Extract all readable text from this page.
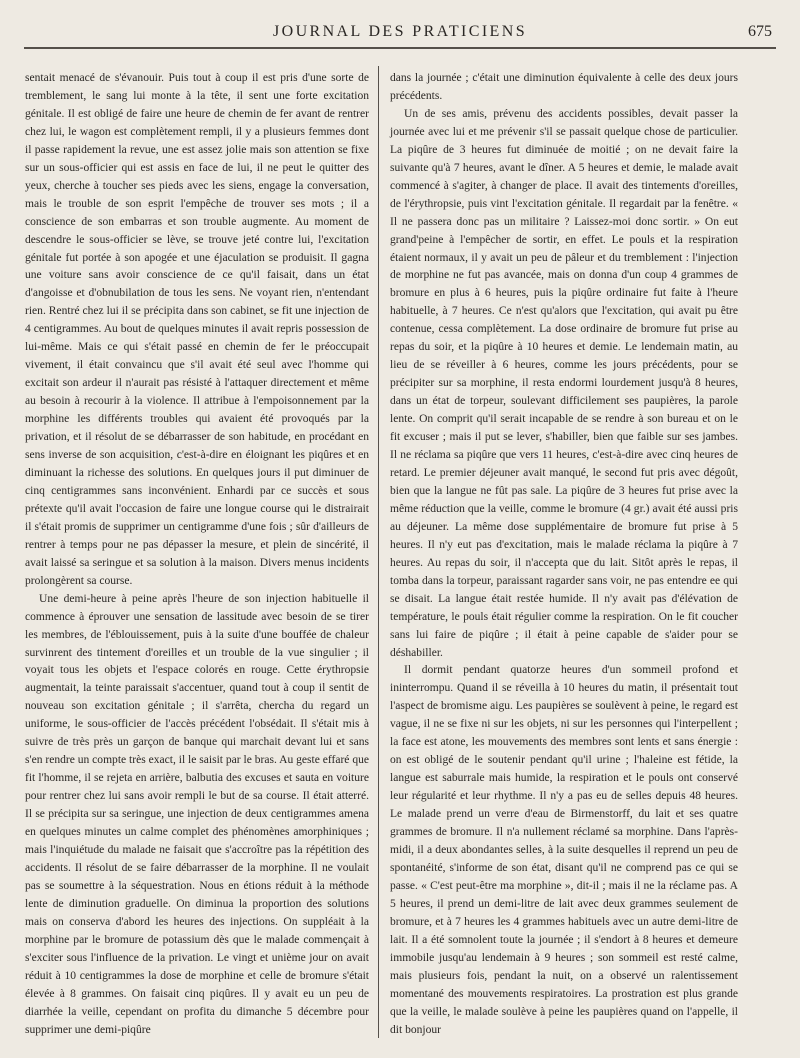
JOURNAL DES PRATICIENS	675

sentait menacé de s'évanouir. Puis tout à coup il est pris d'une sorte de tremblement, le sang lui monte à la tête, il sent une forte excitation génitale. Il est obligé de faire une heure de chemin de fer avant de rentrer chez lui, le wagon est complètement rempli, il y a plusieurs femmes dont il passe rapidement la revue, une est assez jolie mais son attention se fixe sur un sous-officier qui est assis en face de lui, il ne peut le quitter des yeux, cherche à toucher ses pieds avec les siens, engage la conversation, mais le trouble de son esprit l'empêche de trouver ses mots ; il a conscience de son embarras et son trouble augmente. Au moment de descendre le sous-officier se lève, se trouve jeté contre lui, l'excitation génitale fut portée à son apogée et une éjaculation se produisit. Il gagna une voiture sans avoir conscience de ce qu'il faisait, dans un état d'angoisse et d'obnubilation de tous les sens. Ne voyant rien, n'entendant rien. Rentré chez lui il se précipita dans son cabinet, se fit une injection de 4 centigrammes. Au bout de quelques minutes il avait repris possession de lui-même. Mais ce qui s'était passé en chemin de fer le préoccupait vivement, il était convaincu que s'il avait été seul avec l'homme qui excitait son ardeur il n'aurait pas résisté à l'attaquer directement et même au besoin à recourir à la violence. Il attribue à l'empoisonnement par la morphine les différents troubles qui avaient été provoqués par la privation, et il résolut de se débarrasser de son habitude, en procédant en sens inverse de son acquisition, c'est-à-dire en éloignant les piqûres et en diminuant la richesse des solutions. En quelques jours il put diminuer de cinq centigrammes sans inconvénient. Enhardi par ce succès et sous prétexte qu'il avait l'occasion de faire une longue course qui le distrairait il s'était promis de supprimer un centigramme d'une fois ; sûr d'ailleurs de rentrer à temps pour ne pas dépasser la mesure, et plein de sincérité, il avait laissé sa seringue et sa solution à la maison. Divers menus incidents prolongèrent sa course.

Une demi-heure à peine après l'heure de son injection habituelle il commence à éprouver une sensation de lassitude avec besoin de se tirer les membres, de l'éblouissement, puis à la suite d'une bouffée de chaleur survinrent des tintement d'oreilles et un trouble de la vue singulier ; il voyait tous les objets et l'espace colorés en rouge. Cette érythropsie augmentait, la teinte paraissait s'accentuer, quand tout à coup il sentit de nouveau son excitation génitale ; il s'arrêta, chercha du regard un uniforme, le sous-officier de l'accès précédent l'obsédait. Il s'était mis à suivre de très près un garçon de banque qui marchait devant lui et sans s'en rendre un compte très exact, il le saisit par le bras. Au geste effaré que fit l'homme, il se rejeta en arrière, balbutia des excuses et sauta en voiture pour rentrer chez lui sans avoir rempli le but de sa course. Il était atterré. Il se précipita sur sa seringue, une injection de deux centigrammes amena en quelques minutes un calme complet des phénomènes amorphiniques ; mais l'inquiétude du malade ne faisait que s'accroître pas la répétition des accidents. Il résolut de se faire débarrasser de la morphine. Il ne voulait pas se soumettre à la séquestration. Nous en étions réduit à la méthode lente de diminution graduelle. On diminua la proportion des solutions mais on conserva d'abord les heures des injections. On suppléait à la morphine par le bromure de potassium dès que le malade commençait à s'exciter sous l'influence de la privation. Le vingt et unième jour on avait réduit à 10 centigrammes la dose de morphine et celle de bromure s'était élevée à 8 grammes. On faisait cinq piqûres. Il y avait eu un peu de diarrhée la veille, cependant on profita du dimanche 5 décembre pour supprimer une demi-piqûre

dans la journée ; c'était une diminution équivalente à celle des deux jours précédents.

Un de ses amis, prévenu des accidents possibles, devait passer la journée avec lui et me prévenir s'il se passait quelque chose de particulier. La piqûre de 3 heures fut diminuée de moitié ; on ne devait faire la suivante qu'à 7 heures, avant le dîner. A 5 heures et demie, le malade avait commencé à s'agiter, à changer de place. Il avait des tintements d'oreilles, de l'érythropsie, puis vint l'excitation génitale. Il regardait par la fenêtre. « Il ne passera donc pas un militaire ? Laissez-moi donc sortir. » On eut grand'peine à l'empêcher de sortir, en effet. Le pouls et la respiration étaient normaux, il y avait un peu de pâleur et du tremblement : l'injection de morphine ne fut pas avancée, mais on donna d'un coup 4 grammes de bromure en plus à 6 heures, puis la piqûre ordinaire fut faite à l'heure habituelle, à 7 heures. Ce n'est qu'alors que l'excitation, qui avait pu être contenue, cessa complètement. La dose ordinaire de bromure fut prise au repas du soir, et la piqûre à 10 heures et demie. Le lendemain matin, au lieu de se réveiller à 6 heures, comme les jours précédents, pour se précipiter sur sa morphine, il resta endormi lourdement jusqu'à 8 heures, dans un état de torpeur, soulevant difficilement ses paupières, la parole lente. On comprit qu'il serait incapable de se rendre à son bureau et on le fit excuser ; mais il put se lever, s'habiller, bien que faible sur ses jambes. Il ne réclama sa piqûre que vers 11 heures, c'est-à-dire avec cinq heures de retard. Le premier déjeuner avait manqué, le second fut pris avec dégoût, bien que la langue ne fût pas sale. La piqûre de 3 heures fut prise avec la même réduction que la veille, comme le bromure (4 gr.) avait été aussi pris au déjeuner. La même dose supplémentaire de bromure fut prise à 5 heures. Il n'y eut pas d'excitation, mais le malade réclama la piqûre à 7 heures. Au repas du soir, il n'accepta que du lait. Sitôt après le repas, il tomba dans la torpeur, paraissant ragarder sans voir, ne pas entendre ee qui se disait. La langue était restée humide. Il n'y avait pas d'élévation de température, le pouls était régulier comme la respiration. On le fit coucher sans lui faire de piqûre ; il était à peine capable de s'aider pour se déshabiller.

Il dormit pendant quatorze heures d'un sommeil profond et ininterrompu. Quand il se réveilla à 10 heures du matin, il présentait tout l'aspect de bromisme aigu. Les paupières se soulèvent à peine, le regard est vague, il ne se fixe ni sur les objets, ni sur les personnes qui l'interpellent ; la face est atone, les mouvements des membres sont lents et sans énergie : on est obligé de le soutenir pendant qu'il urine ; l'haleine est fétide, la langue est saburrale mais humide, la respiration et le pouls ont conservé leur régularité et leur rhythme. Il n'y a pas eu de selles depuis 48 heures. Le malade prend un verre d'eau de Birmenstorff, du lait et ses quatre grammes de bromure. Il n'a nullement réclamé sa morphine. Dans l'après-midi, il a deux abondantes selles, à la suite desquelles il reprend un peu de spontanéité, s'informe de son état, disant qu'il ne comprend pas ce qui se passe. « C'est peut-être ma morphine », dit-il ; mais il ne la réclame pas. A 5 heures, il prend un demi-litre de lait avec deux grammes seulement de bromure, et à 7 heures les 4 grammes habituels avec un autre demi-litre de lait. Il a été somnolent toute la journée ; il s'endort à 8 heures et demeure immobile jusqu'au lendemain à 9 heures ; son sommeil est resté calme, mais plusieurs fois, pendant la nuit, on a observé un ralentissement momentané des mouvements respiratoires. La prostration est plus grande que la veille, le malade soulève à peine les paupières quand on l'appelle, il dit bonjour
